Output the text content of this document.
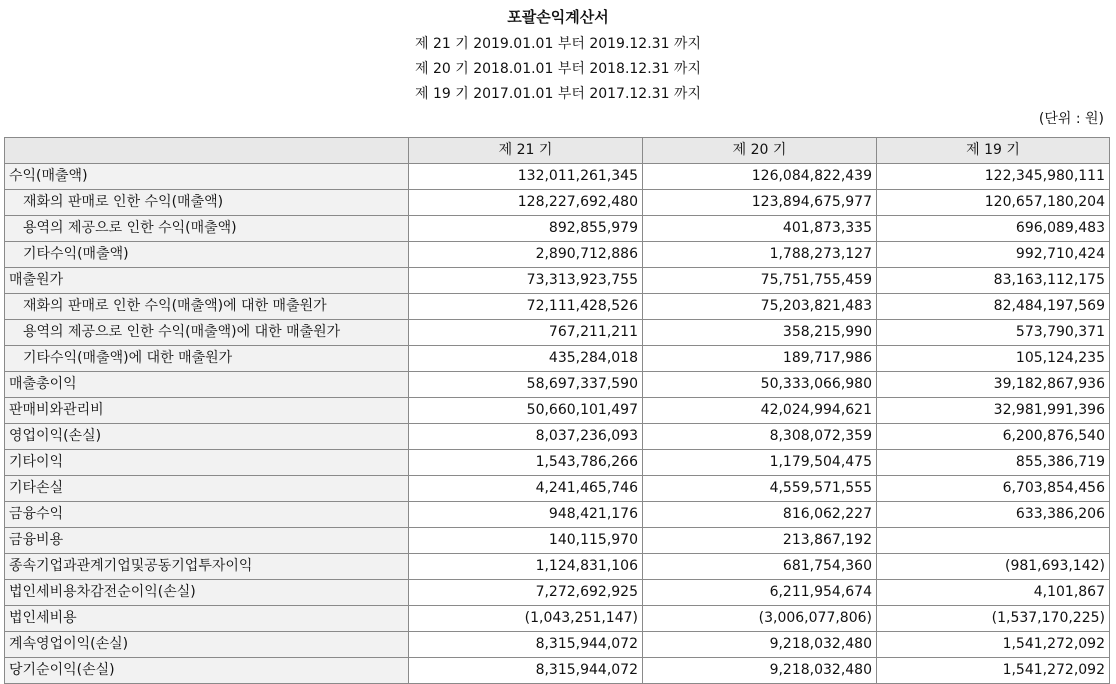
포괄손익계산서
제 21 기 2019.01.01 부터 2019.12.31 까지
제 20 기 2018.01.01 부터 2018.12.31 까지
제 19 기 2017.01.01 부터 2017.12.31 까지
(단위 : 원)
	제 21 기	제 20 기	제 19 기
수익(매출액)	132,011,261,345	126,084,822,439	122,345,980,111
재화의 판매로 인한 수익(매출액)	128,227,692,480	123,894,675,977	120,657,180,204
용역의 제공으로 인한 수익(매출액)	892,855,979	401,873,335	696,089,483
기타수익(매출액)	2,890,712,886	1,788,273,127	992,710,424
매출원가	73,313,923,755	75,751,755,459	83,163,112,175
재화의 판매로 인한 수익(매출액)에 대한 매출원가	72,111,428,526	75,203,821,483	82,484,197,569
용역의 제공으로 인한 수익(매출액)에 대한 매출원가	767,211,211	358,215,990	573,790,371
기타수익(매출액)에 대한 매출원가	435,284,018	189,717,986	105,124,235
매출총이익	58,697,337,590	50,333,066,980	39,182,867,936
판매비와관리비	50,660,101,497	42,024,994,621	32,981,991,396
영업이익(손실)	8,037,236,093	8,308,072,359	6,200,876,540
기타이익	1,543,786,266	1,179,504,475	855,386,719
기타손실	4,241,465,746	4,559,571,555	6,703,854,456
금융수익	948,421,176	816,062,227	633,386,206
금융비용	140,115,970	213,867,192	
종속기업과관계기업및공동기업투자이익	1,124,831,106	681,754,360	(981,693,142)
법인세비용차감전순이익(손실)	7,272,692,925	6,211,954,674	4,101,867
법인세비용	(1,043,251,147)	(3,006,077,806)	(1,537,170,225)
계속영업이익(손실)	8,315,944,072	9,218,032,480	1,541,272,092
당기순이익(손실)	8,315,944,072	9,218,032,480	1,541,272,092
